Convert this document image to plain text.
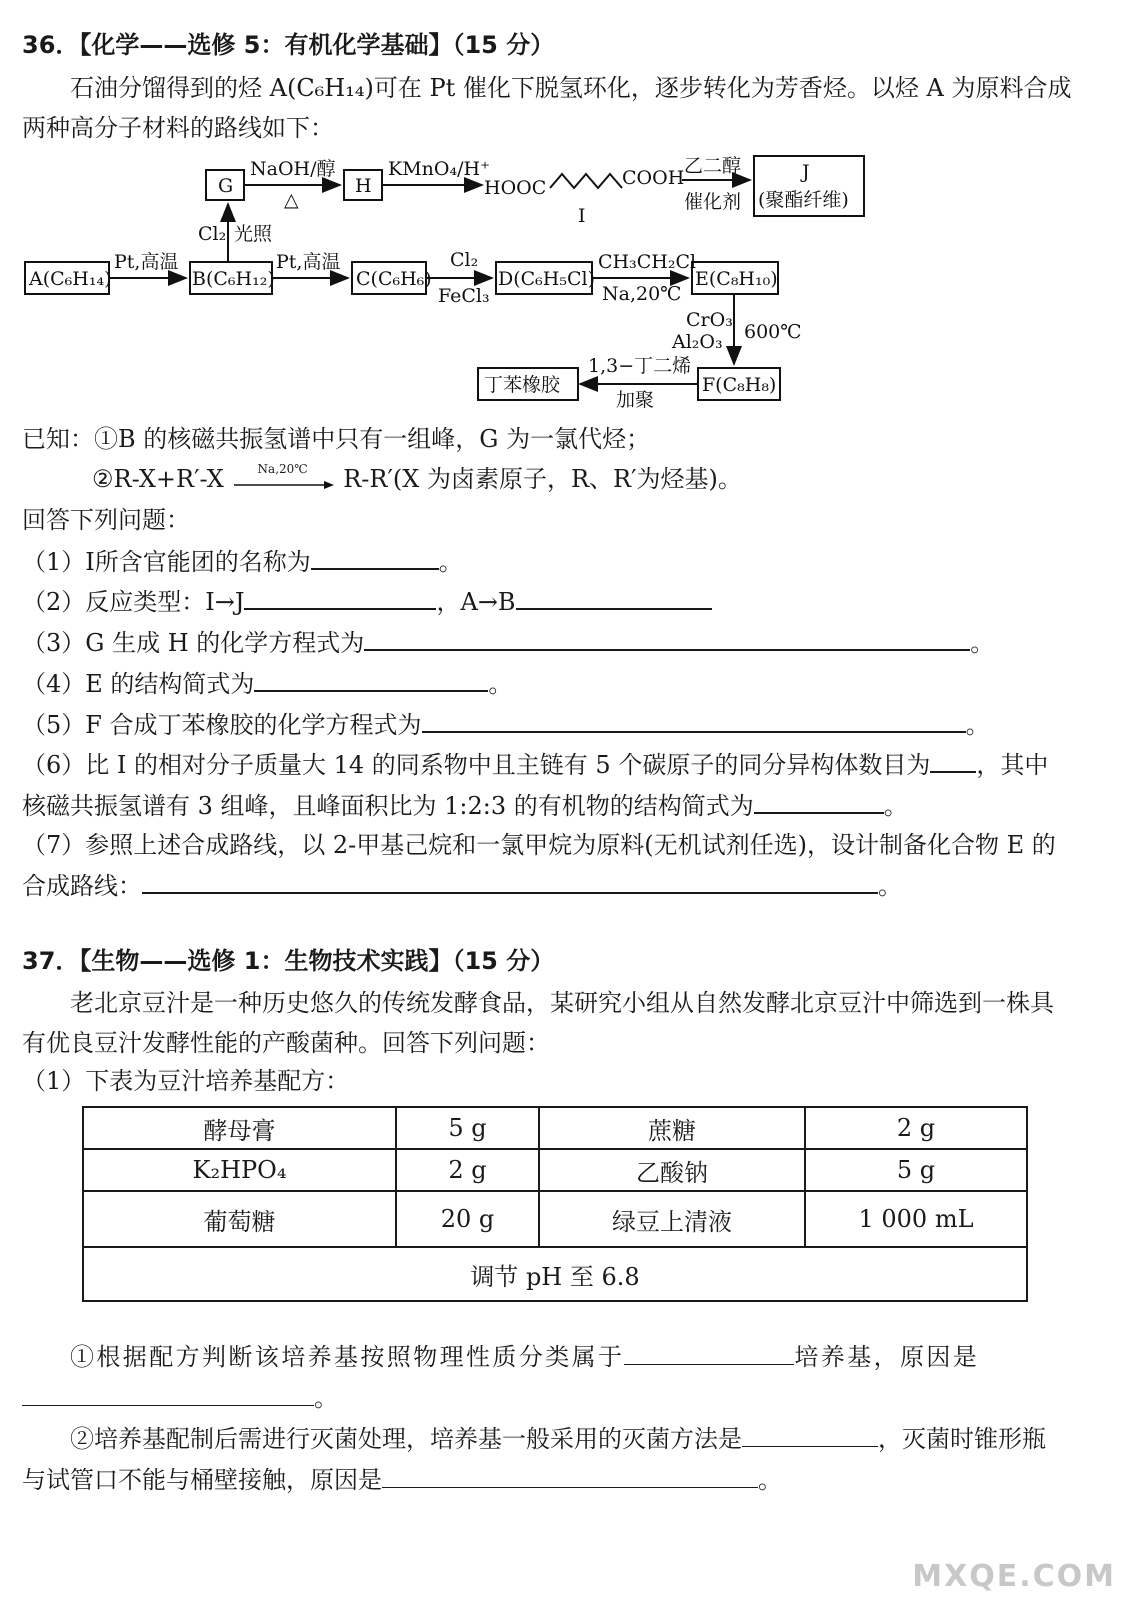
36．【化学——选修 5：有机化学基础】（15 分）
石油分馏得到的烃 A(C₆H₁₄)可在 Pt 催化下脱氢环化，逐步转化为芳香烃。以烃 A 为原料合成
两种高分子材料的路线如下：
G
NaOH/醇
△
H
KMnO₄/H⁺
HOOC	COOH
I
乙二醇
催化剂
J
(聚酯纤维)
Cl₂ 光照
A(C₆H₁₄)
Pt,高温
B(C₆H₁₂)
Pt,高温
C(C₆H₆)
Cl₂
FeCl₃
D(C₆H₅Cl)
CH₃CH₂Cl
Na,20℃
E(C₈H₁₀)
CrO₃
Al₂O₃ 600℃
F(C₈H₈)
1,3−丁二烯
加聚
丁苯橡胶
已知：①B 的核磁共振氢谱中只有一组峰，G 为一氯代烃；
②R-X+R′-X	Na,20℃ R-R′(X 为卤素原子，R、R′为烃基)。
回答下列问题：
（1）I所含官能团的名称为	。
（2）反应类型：I→J	，A→B
（3）G 生成 H 的化学方程式为	。
（4）E 的结构简式为	。
（5）F 合成丁苯橡胶的化学方程式为	。
（6）比 I 的相对分子质量大 14 的同系物中且主链有 5 个碳原子的同分异构体数目为 ，其中
核磁共振氢谱有 3 组峰，且峰面积比为 1:2:3 的有机物的结构简式为	。
（7）参照上述合成路线，以 2-甲基己烷和一氯甲烷为原料(无机试剂任选)，设计制备化合物 E 的
合成路线：	。
37．【生物——选修 1：生物技术实践】（15 分）
老北京豆汁是一种历史悠久的传统发酵食品，某研究小组从自然发酵北京豆汁中筛选到一株具
有优良豆汁发酵性能的产酸菌种。回答下列问题：
（1）下表为豆汁培养基配方：
酵母膏	5 g	蔗糖	2 g
K₂HPO₄	2 g	乙酸钠	5 g
葡萄糖	20 g	绿豆上清液	1 000 mL
调节 pH 至 6.8			
①根据配方判断该培养基按照物理性质分类属于	培养基，原因是
。
②培养基配制后需进行灭菌处理，培养基一般采用的灭菌方法是	，灭菌时锥形瓶
与试管口不能与桶壁接触，原因是	。
MXQE.COM
